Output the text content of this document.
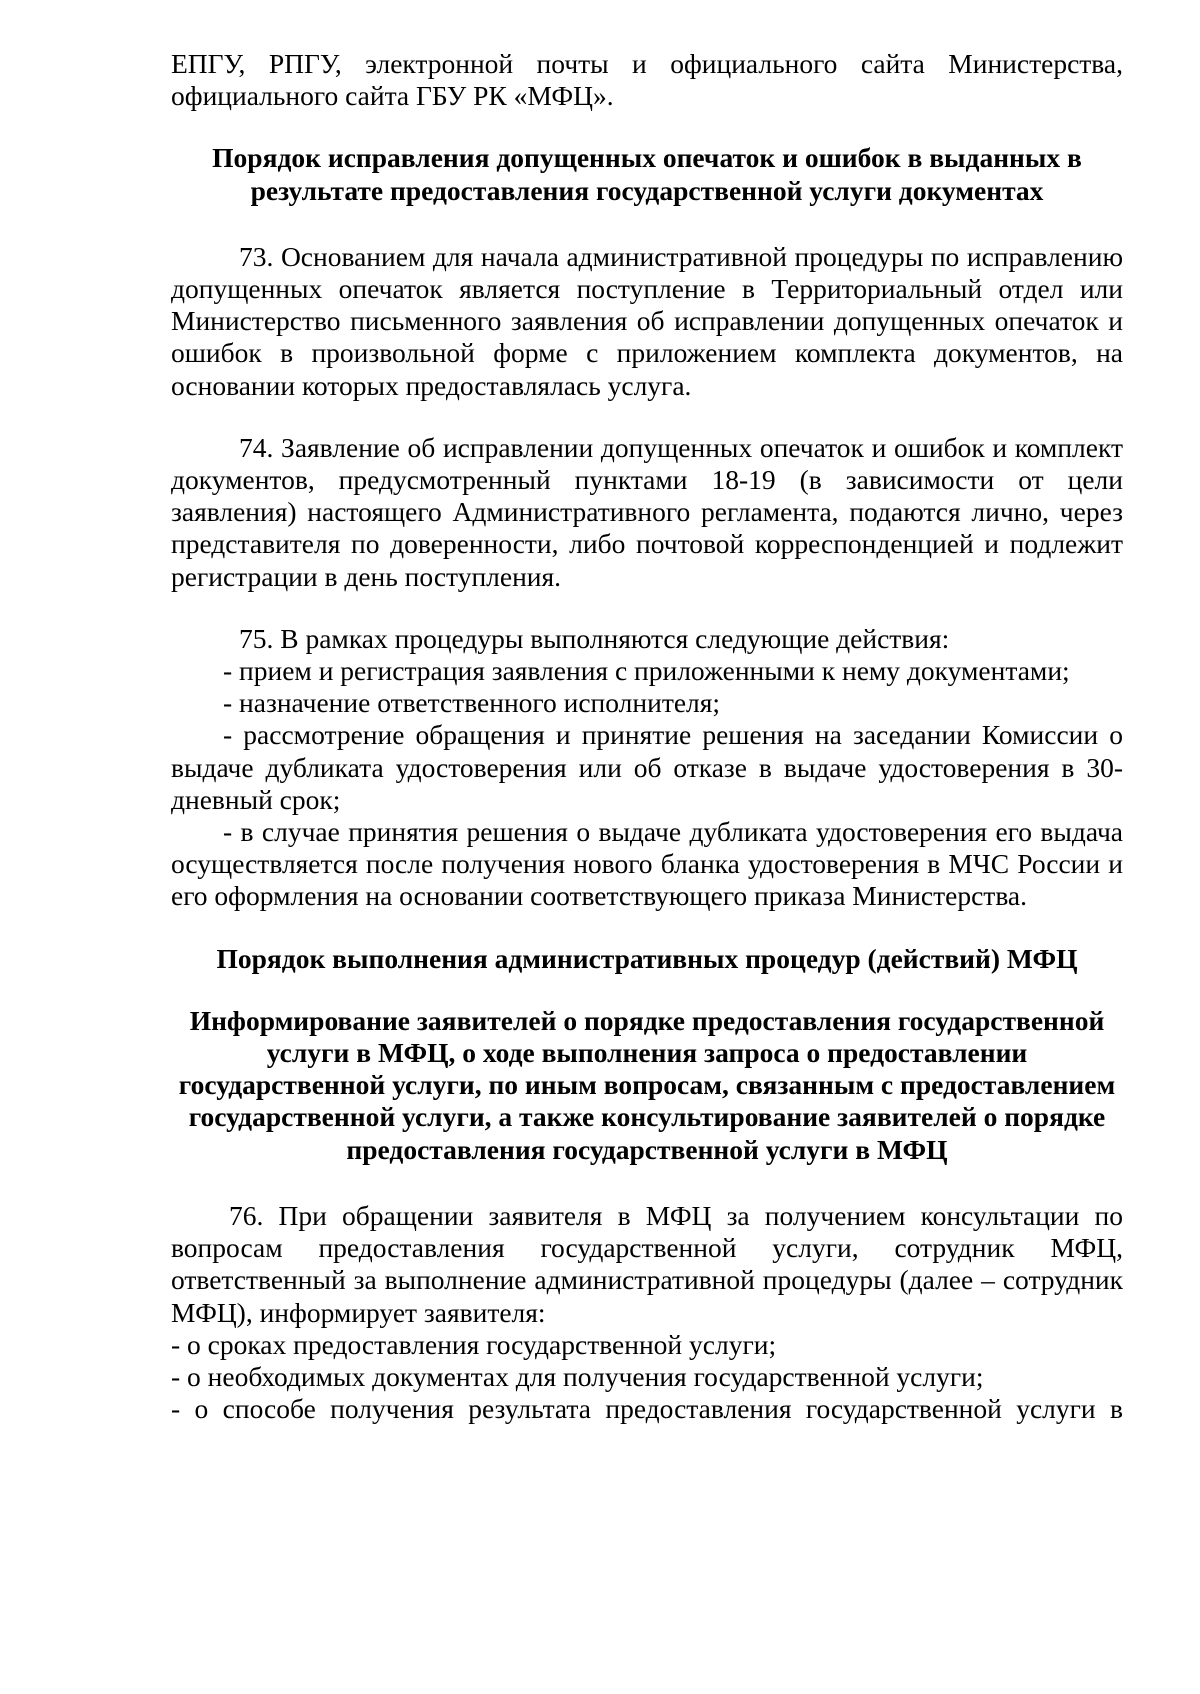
ЕПГУ, РПГУ, электронной почты и официального сайта Министерства, официального сайта ГБУ РК «МФЦ».

Порядок исправления допущенных опечаток и ошибок в выданных в результате предоставления государственной услуги документах

73. Основанием для начала административной процедуры по исправлению допущенных опечаток является поступление в Территориальный отдел или Министерство письменного заявления об исправлении допущенных опечаток и ошибок в произвольной форме с приложением комплекта документов, на основании которых предоставлялась услуга.

74. Заявление об исправлении допущенных опечаток и ошибок и комплект документов, предусмотренный пунктами 18-19 (в зависимости от цели заявления) настоящего Административного регламента, подаются лично, через представителя по доверенности, либо почтовой корреспонденцией и подлежит регистрации в день поступления.

75. В рамках процедуры выполняются следующие действия:

- прием и регистрация заявления с приложенными к нему документами;

- назначение ответственного исполнителя;

- рассмотрение обращения и принятие решения на заседании Комиссии о выдаче дубликата удостоверения или об отказе в выдаче удостоверения в 30-дневный срок;

- в случае принятия решения о выдаче дубликата удостоверения его выдача осуществляется после получения нового бланка удостоверения в МЧС России и его оформления на основании соответствующего приказа Министерства.

Порядок выполнения административных процедур (действий) МФЦ

Информирование заявителей о порядке предоставления государственной услуги в МФЦ, о ходе выполнения запроса о предоставлении государственной услуги, по иным вопросам, связанным с предоставлением государственной услуги, а также консультирование заявителей о порядке предоставления государственной услуги в МФЦ

76. При обращении заявителя в МФЦ за получением консультации по вопросам предоставления государственной услуги, сотрудник МФЦ, ответственный за выполнение административной процедуры (далее – сотрудник МФЦ), информирует заявителя:

- о сроках предоставления государственной услуги;

- о необходимых документах для получения государственной услуги;

- о способе получения результата предоставления государственной услуги в
